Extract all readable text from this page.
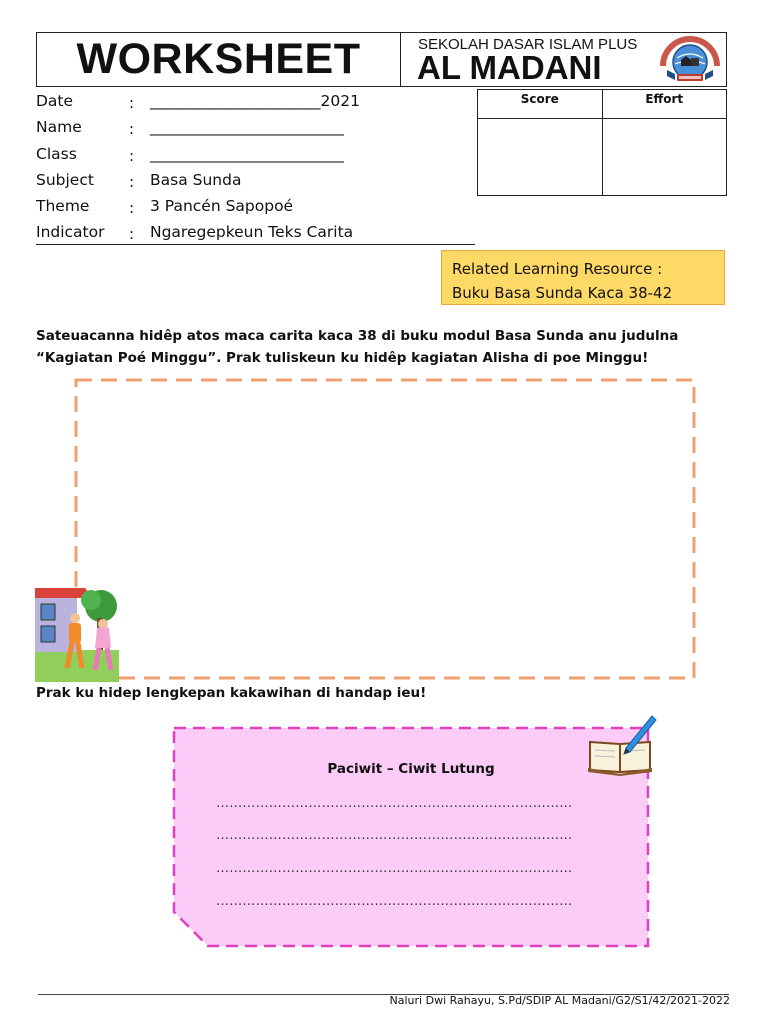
WORKSHEET	SEKOLAH DASAR ISLAM PLUS
AL MADANI
Date	: ______________________2021
Name	: _________________________
Class	: _________________________
Subject : Basa Sunda
Theme	: 3 Pancén Sapopoé
Indicator : Ngaregepkeun Teks Carita
Score	Effort

Related Learning Resource :
Buku Basa Sunda Kaca 38-42
Sateuacanna hidêp atos maca carita kaca 38 di buku modul Basa Sunda anu judulna
“Kagiatan Poé Minggu”. Prak tuliskeun ku hidêp kagiatan Alisha di poe Minggu!
Prak ku hidep lengkepan kakawihan di handap ieu!
Paciwit – Ciwit Lutung
………………………………………………………………………
………………………………………………………………………
………………………………………………………………………
………………………………………………………………………
Naluri Dwi Rahayu, S.Pd/SDIP AL Madani/G2/S1/42/2021-2022
